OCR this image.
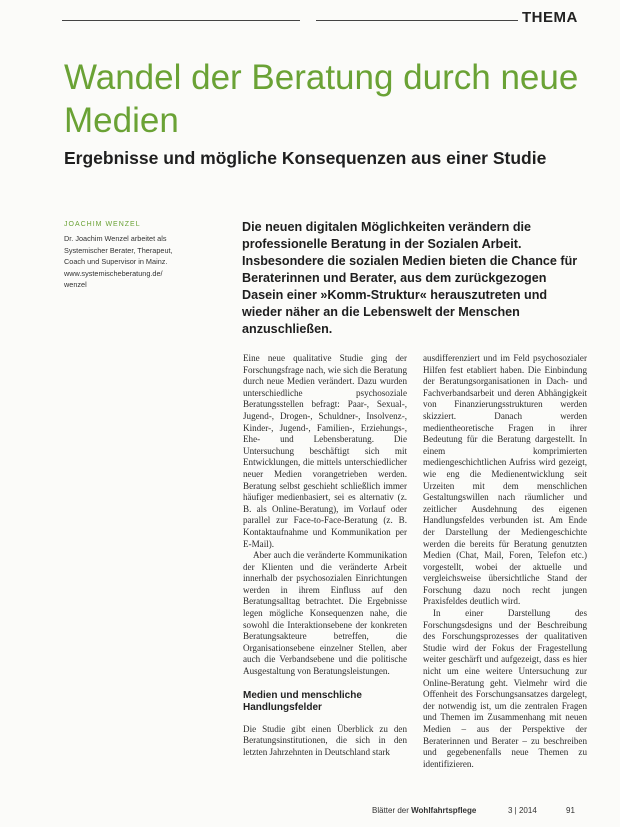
THEMA
Wandel der Beratung durch neue Medien
Ergebnisse und mögliche Konsequenzen aus einer Studie
JOACHIM WENZEL
Dr. Joachim Wenzel arbeitet als Systemischer Berater, Therapeut, Coach und Supervisor in Mainz. www.systemischeberatung.de/ wenzel

Die neuen digitalen Möglichkeiten verändern die professionelle Beratung in der Sozialen Arbeit. Insbesondere die sozialen Medien bieten die Chance für Beraterinnen und Berater, aus dem zurückgezogen Dasein einer »Komm-Struktur« herauszutreten und wieder näher an die Lebenswelt der Menschen anzuschließen.

Eine neue qualitative Studie ging der Forschungsfrage nach, wie sich die Beratung durch neue Medien verändert. Dazu wurden unterschiedliche psychosoziale Beratungsstellen befragt: Paar-, Sexual-, Jugend-, Drogen-, Schuldner-, Insolvenz-, Kinder-, Jugend-, Familien-, Erziehungs-, Ehe- und Lebensberatung. Die Untersuchung beschäftigt sich mit Entwicklungen, die mittels unterschiedlicher neuer Medien vorangetrieben werden. Beratung selbst geschieht schließlich immer häufiger medienbasiert, sei es alternativ (z. B. als Online-Beratung), im Vorlauf oder parallel zur Face-to-Face-Beratung (z. B. Kontaktaufnahme und Kommunikation per E-Mail).

Aber auch die veränderte Kommunikation der Klienten und die veränderte Arbeit innerhalb der psychosozialen Einrichtungen werden in ihrem Einfluss auf den Beratungsalltag betrachtet. Die Ergebnisse legen mögliche Konsequenzen nahe, die sowohl die Interaktionsebene der konkreten Beratungsakteure betreffen, die Organisationsebene einzelner Stellen, aber auch die Verbandsebene und die politische Ausgestaltung von Beratungsleistungen.

Medien und menschliche Handlungsfelder

Die Studie gibt einen Überblick zu den Beratungsinstitutionen, die sich in den letzten Jahrzehnten in Deutschland stark

ausdifferenziert und im Feld psychosozialer Hilfen fest etabliert haben. Die Einbindung der Beratungsorganisationen in Dach- und Fachverbandsarbeit und deren Abhängigkeit von Finanzierungsstrukturen werden skizziert. Danach werden medientheoretische Fragen in ihrer Bedeutung für die Beratung dargestellt. In einem komprimierten mediengeschichtlichen Aufriss wird gezeigt, wie eng die Medienentwicklung seit Urzeiten mit dem menschlichen Gestaltungswillen nach räumlicher und zeitlicher Ausdehnung des eigenen Handlungsfeldes verbunden ist. Am Ende der Darstellung der Mediengeschichte werden die bereits für Beratung genutzten Medien (Chat, Mail, Foren, Telefon etc.) vorgestellt, wobei der aktuelle und vergleichsweise übersichtliche Stand der Forschung dazu noch recht jungen Praxisfeldes deutlich wird.

In einer Darstellung des Forschungsdesigns und der Beschreibung des Forschungsprozesses der qualitativen Studie wird der Fokus der Fragestellung weiter geschärft und aufgezeigt, dass es hier nicht um eine weitere Untersuchung zur Online-Beratung geht. Vielmehr wird die Offenheit des Forschungsansatzes dargelegt, der notwendig ist, um die zentralen Fragen und Themen im Zusammenhang mit neuen Medien – aus der Perspektive der Beraterinnen und Berater – zu beschreiben und gegebenenfalls neue Themen zu identifizieren.

Blätter der Wohlfahrtspflege	3 | 2014	91
